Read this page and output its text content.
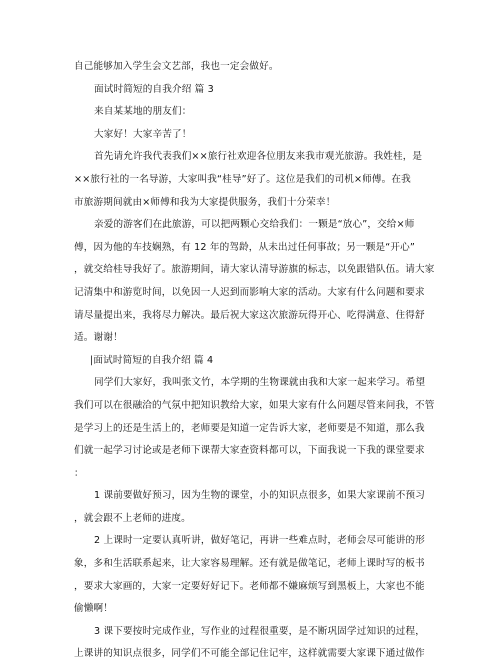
自己能够加入学生会文艺部，我也一定会做好。
面试时简短的自我介绍 篇 3
来自某某地的朋友们：
大家好！大家辛苦了！
首先请允许我代表我们××旅行社欢迎各位朋友来我市观光旅游。我姓桂，是
××旅行社的一名导游，大家叫我“桂导”好了。这位是我们的司机×师傅。在我
市旅游期间就由×师傅和我为大家提供服务，我们十分荣幸！
亲爱的游客们在此旅游，可以把两颗心交给我们：一颗是“放心”，交给×师
傅，因为他的车技娴熟，有 12 年的驾龄，从未出过任何事故；另一颗是“开心”
，就交给桂导我好了。旅游期间，请大家认清导游旗的标志，以免跟错队伍。请大家
记清集中和游览时间，以免因一人迟到而影响大家的活动。大家有什么问题和要求
请尽量提出来，我将尽力解决。最后祝大家这次旅游玩得开心、吃得满意、住得舒
适。谢谢！
|面试时简短的自我介绍 篇 4
同学们大家好，我叫张文竹，本学期的生物课就由我和大家一起来学习。希望
我们可以在很融洽的气氛中把知识教给大家，如果大家有什么问题尽管来问我，不管
是学习上的还是生活上的，老师要是知道一定告诉大家，老师要是不知道，那么我
们就一起学习讨论或是老师下课帮大家查资料都可以，下面我说一下我的课堂要求
：
1 课前要做好预习，因为生物的课堂，小的知识点很多，如果大家课前不预习
，就会跟不上老师的进度。
2 上课时一定要认真听讲，做好笔记，再讲一些难点时，老师会尽可能讲的形
象，多和生活联系起来，让大家容易理解。还有就是做笔记，老师上课时写的板书
，要求大家画的，大家一定要好好记下。老师都不嫌麻烦写到黑板上，大家也不能
偷懒啊！
3 课下要按时完成作业，写作业的过程很重要，是不断巩固学过知识的过程，
上课讲的知识点很多，同学们不可能全部记住记牢，这样就需要大家课下通过做作
